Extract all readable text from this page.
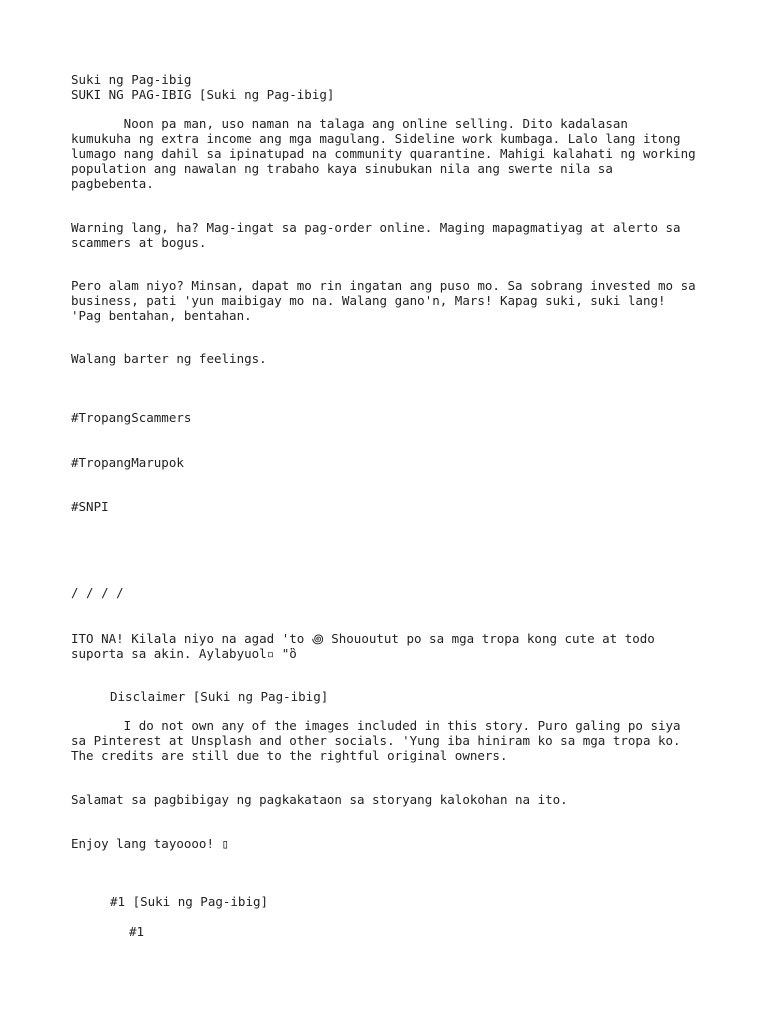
Suki ng Pag-ibig

SUKI NG PAG-IBIG [Suki ng Pag-ibig]

Noon pa man, uso naman na talaga ang online selling. Dito kadalasan

kumukuha ng extra income ang mga magulang. Sideline work kumbaga. Lalo lang itong

lumago nang dahil sa ipinatupad na community quarantine. Mahigi kalahati ng working

population ang nawalan ng trabaho kaya sinubukan nila ang swerte nila sa

pagbebenta.

Warning lang, ha? Mag-ingat sa pag-order online. Maging mapagmatiyag at alerto sa

scammers at bogus.

Pero alam niyo? Minsan, dapat mo rin ingatan ang puso mo. Sa sobrang invested mo sa

business, pati 'yun maibigay mo na. Walang gano'n, Mars! Kapag suki, suki lang!

'Pag bentahan, bentahan.

Walang barter ng feelings.

#TropangScammers

#TropangMarupok

#SNPI

/ / / /

ITO NA! Kilala niyo na agad 'to ꩜ Shououtut po sa mga tropa kong cute at todo

suporta sa akin. Aylabyuol▫ "ὃ

Disclaimer [Suki ng Pag-ibig]

I do not own any of the images included in this story. Puro galing po siya

sa Pinterest at Unsplash and other socials. 'Yung iba hiniram ko sa mga tropa ko.

The credits are still due to the rightful original owners.

Salamat sa pagbibigay ng pagkakataon sa storyang kalokohan na ito.

Enjoy lang tayoooo! ▯

#1 [Suki ng Pag-ibig]

#1
